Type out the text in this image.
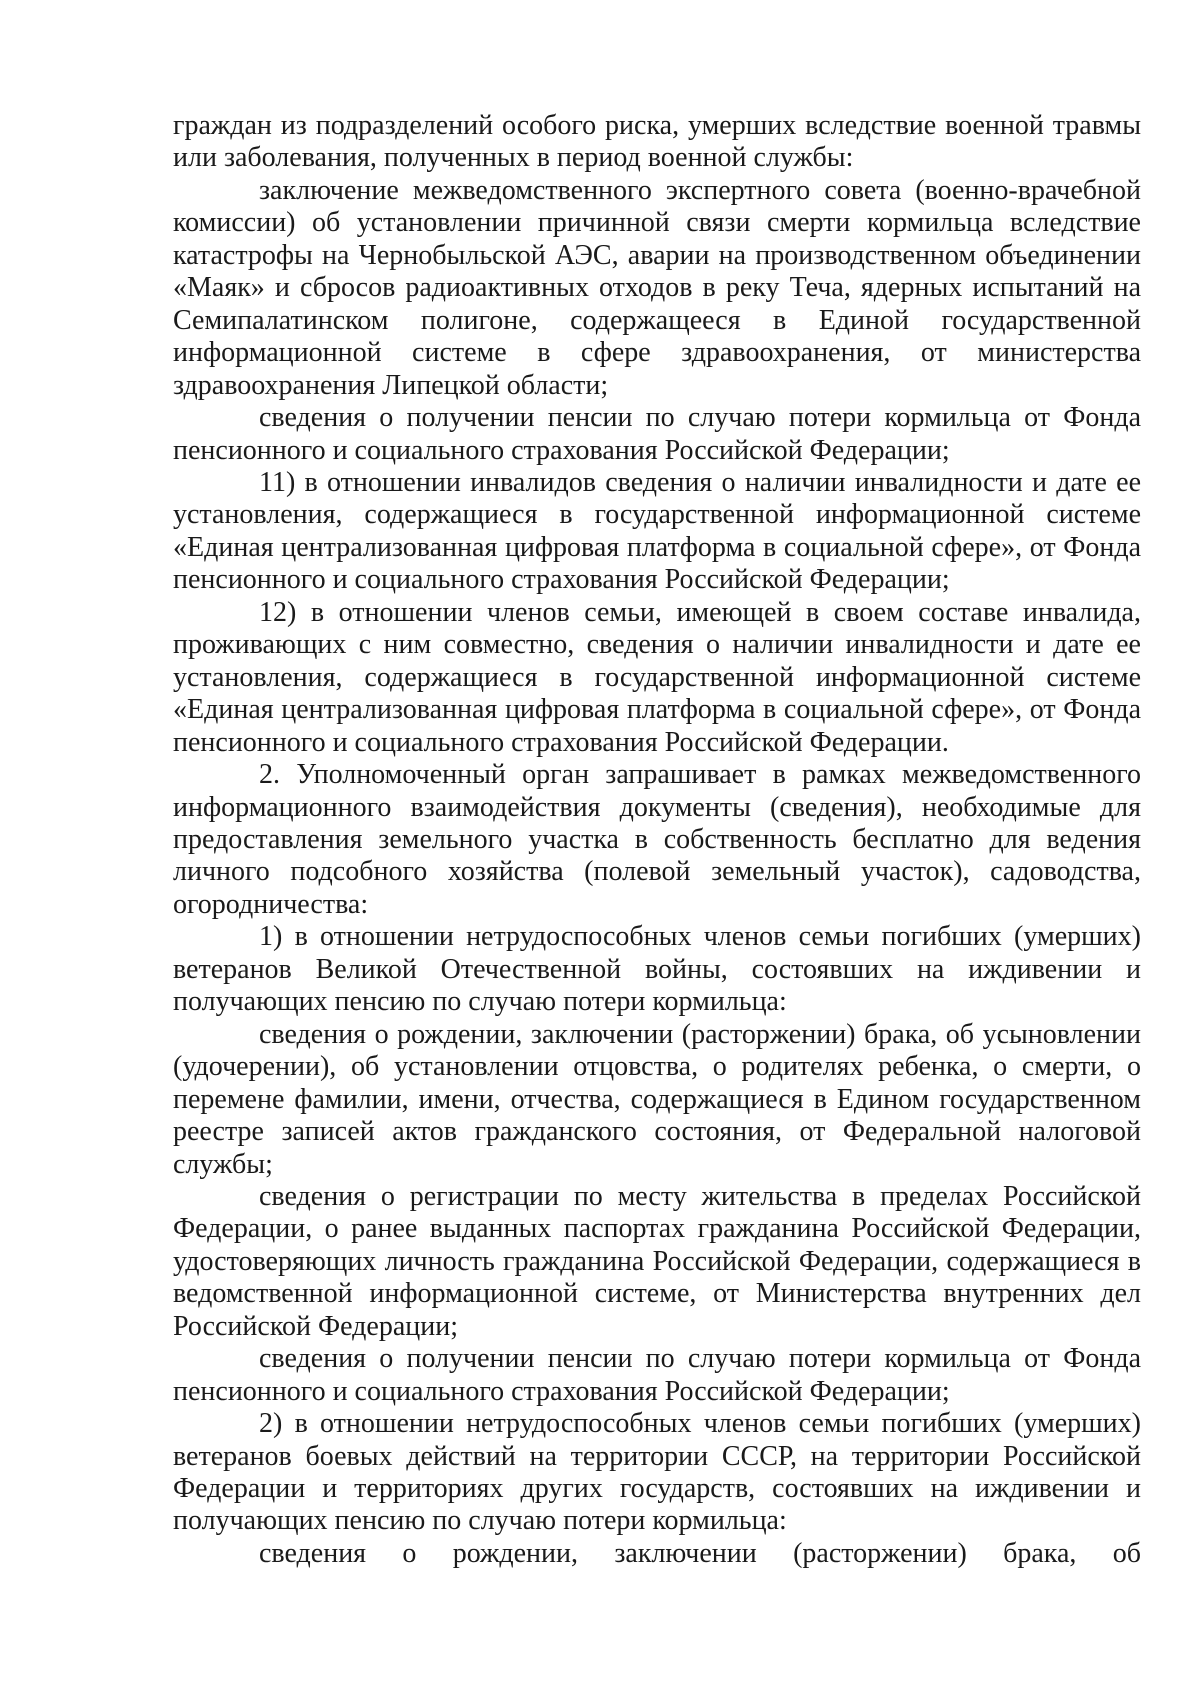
граждан из подразделений особого риска, умерших вследствие военной травмы или заболевания, полученных в период военной службы:

заключение межведомственного экспертного совета (военно-врачебной комиссии) об установлении причинной связи смерти кормильца вследствие катастрофы на Чернобыльской АЭС, аварии на производственном объединении «Маяк» и сбросов радиоактивных отходов в реку Теча, ядерных испытаний на Семипалатинском полигоне, содержащееся в Единой государственной информационной системе в сфере здравоохранения, от министерства здравоохранения Липецкой области;

сведения о получении пенсии по случаю потери кормильца от Фонда пенсионного и социального страхования Российской Федерации;

11) в отношении инвалидов сведения о наличии инвалидности и дате ее установления, содержащиеся в государственной информационной системе «Единая централизованная цифровая платформа в социальной сфере», от Фонда пенсионного и социального страхования Российской Федерации;

12) в отношении членов семьи, имеющей в своем составе инвалида, проживающих с ним совместно, сведения о наличии инвалидности и дате ее установления, содержащиеся в государственной информационной системе «Единая централизованная цифровая платформа в социальной сфере», от Фонда пенсионного и социального страхования Российской Федерации.

2. Уполномоченный орган запрашивает в рамках межведомственного информационного взаимодействия документы (сведения), необходимые для предоставления земельного участка в собственность бесплатно для ведения личного подсобного хозяйства (полевой земельный участок), садоводства, огородничества:

1) в отношении нетрудоспособных членов семьи погибших (умерших) ветеранов Великой Отечественной войны, состоявших на иждивении и получающих пенсию по случаю потери кормильца:

сведения о рождении, заключении (расторжении) брака, об усыновлении (удочерении), об установлении отцовства, о родителях ребенка, о смерти, о перемене фамилии, имени, отчества, содержащиеся в Едином государственном реестре записей актов гражданского состояния, от Федеральной налоговой службы;

сведения о регистрации по месту жительства в пределах Российской Федерации, о ранее выданных паспортах гражданина Российской Федерации, удостоверяющих личность гражданина Российской Федерации, содержащиеся в ведомственной информационной системе, от Министерства внутренних дел Российской Федерации;

сведения о получении пенсии по случаю потери кормильца от Фонда пенсионного и социального страхования Российской Федерации;

2) в отношении нетрудоспособных членов семьи погибших (умерших) ветеранов боевых действий на территории СССР, на территории Российской Федерации и территориях других государств, состоявших на иждивении и получающих пенсию по случаю потери кормильца:

сведения о рождении, заключении (расторжении) брака, об
